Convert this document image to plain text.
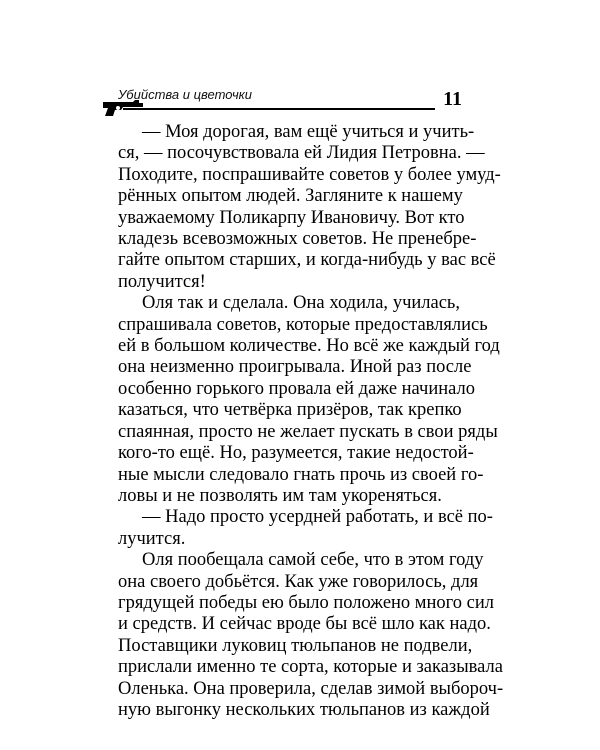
Убийства и цветочки	11

— Моя дорогая, вам ещё учиться и учить-
ся, — посочувствовала ей Лидия Петровна. —
Походите, поспрашивайте советов у более умуд-
рённых опытом людей. Загляните к нашему
уважаемому Поликарпу Ивановичу. Вот кто
кладезь всевозможных советов. Не пренебре-
гайте опытом старших, и когда-нибудь у вас всё
получится!

Оля так и сделала. Она ходила, училась,
спрашивала советов, которые предоставлялись
ей в большом количестве. Но всё же каждый год
она неизменно проигрывала. Иной раз после
особенно горького провала ей даже начинало
казаться, что четвёрка призёров, так крепко
спаянная, просто не желает пускать в свои ряды
кого-то ещё. Но, разумеется, такие недостой-
ные мысли следовало гнать прочь из своей го-
ловы и не позволять им там укореняться.

— Надо просто усердней работать, и всё по-
лучится.

Оля пообещала самой себе, что в этом году
она своего добьётся. Как уже говорилось, для
грядущей победы ею было положено много сил
и средств. И сейчас вроде бы всё шло как надо.
Поставщики луковиц тюльпанов не подвели,
прислали именно те сорта, которые и заказывала
Оленька. Она проверила, сделав зимой выбороч-
ную выгонку нескольких тюльпанов из каждой
